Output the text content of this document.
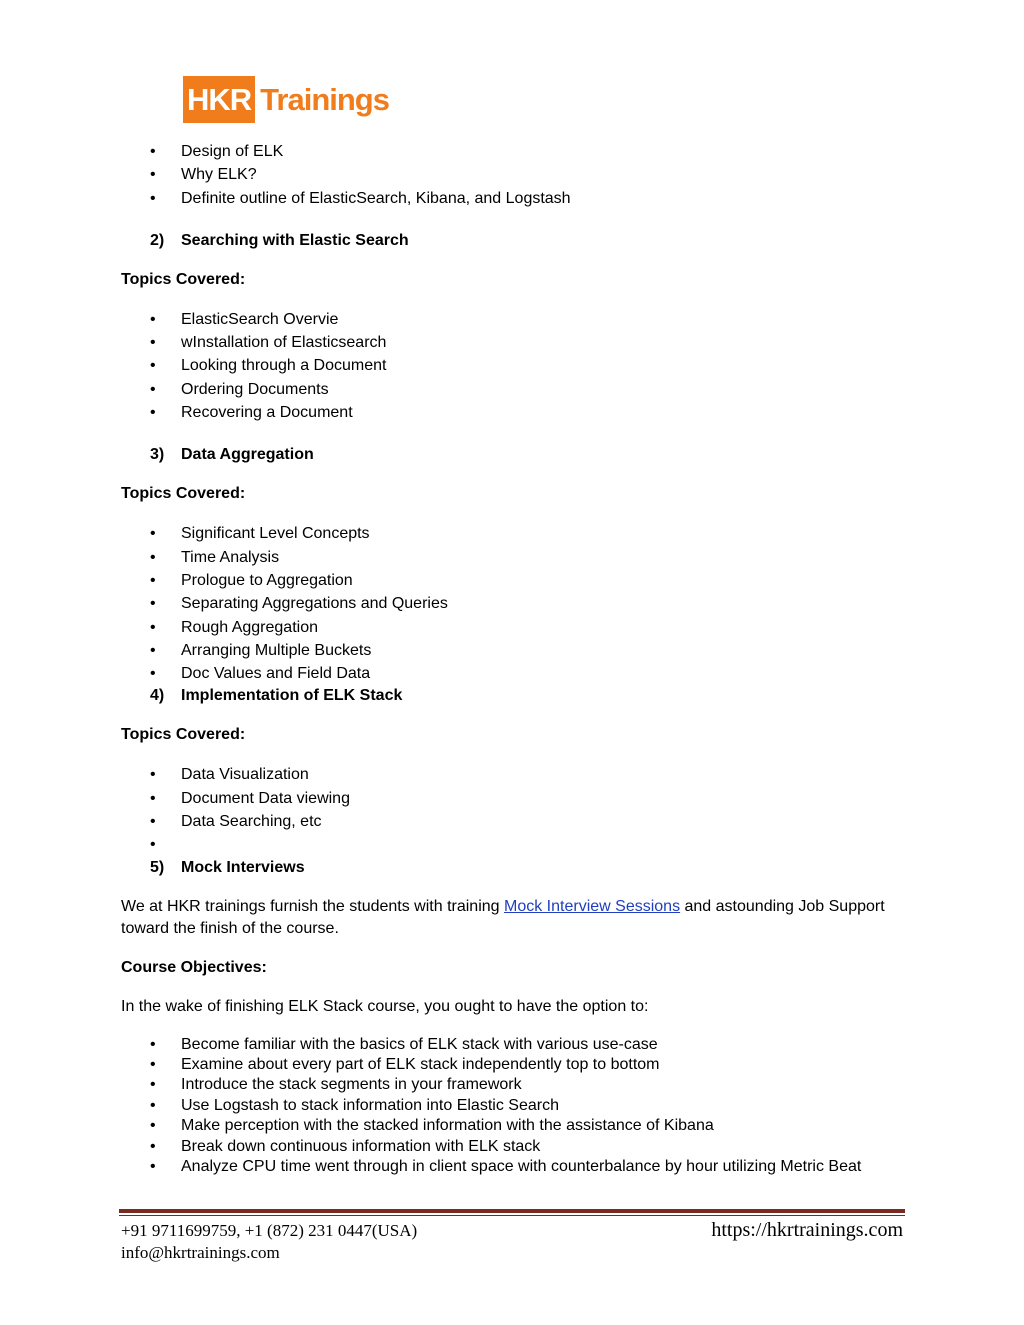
HKR Trainings
• Design of ELK
• Why ELK?
• Definite outline of ElasticSearch, Kibana, and Logstash
2) Searching with Elastic Search
Topics Covered:
• ElasticSearch Overvie
• wInstallation of Elasticsearch
• Looking through a Document
• Ordering Documents
• Recovering a Document
3) Data Aggregation
Topics Covered:
• Significant Level Concepts
• Time Analysis
• Prologue to Aggregation
• Separating Aggregations and Queries
• Rough Aggregation
• Arranging Multiple Buckets
• Doc Values and Field Data
4) Implementation of ELK Stack
Topics Covered:
• Data Visualization
• Document Data viewing
• Data Searching, etc
•
5) Mock Interviews
We at HKR trainings furnish the students with training Mock Interview Sessions and astounding Job Support toward the finish of the course.
Course Objectives:
In the wake of finishing ELK Stack course, you ought to have the option to:
• Become familiar with the basics of ELK stack with various use-case
• Examine about every part of ELK stack independently top to bottom
• Introduce the stack segments in your framework
• Use Logstash to stack information into Elastic Search
• Make perception with the stacked information with the assistance of Kibana
• Break down continuous information with ELK stack
• Analyze CPU time went through in client space with counterbalance by hour utilizing Metric Beat
+91 9711699759, +1 (872) 231 0447(USA)
info@hkrtrainings.com
https://hkrtrainings.com
